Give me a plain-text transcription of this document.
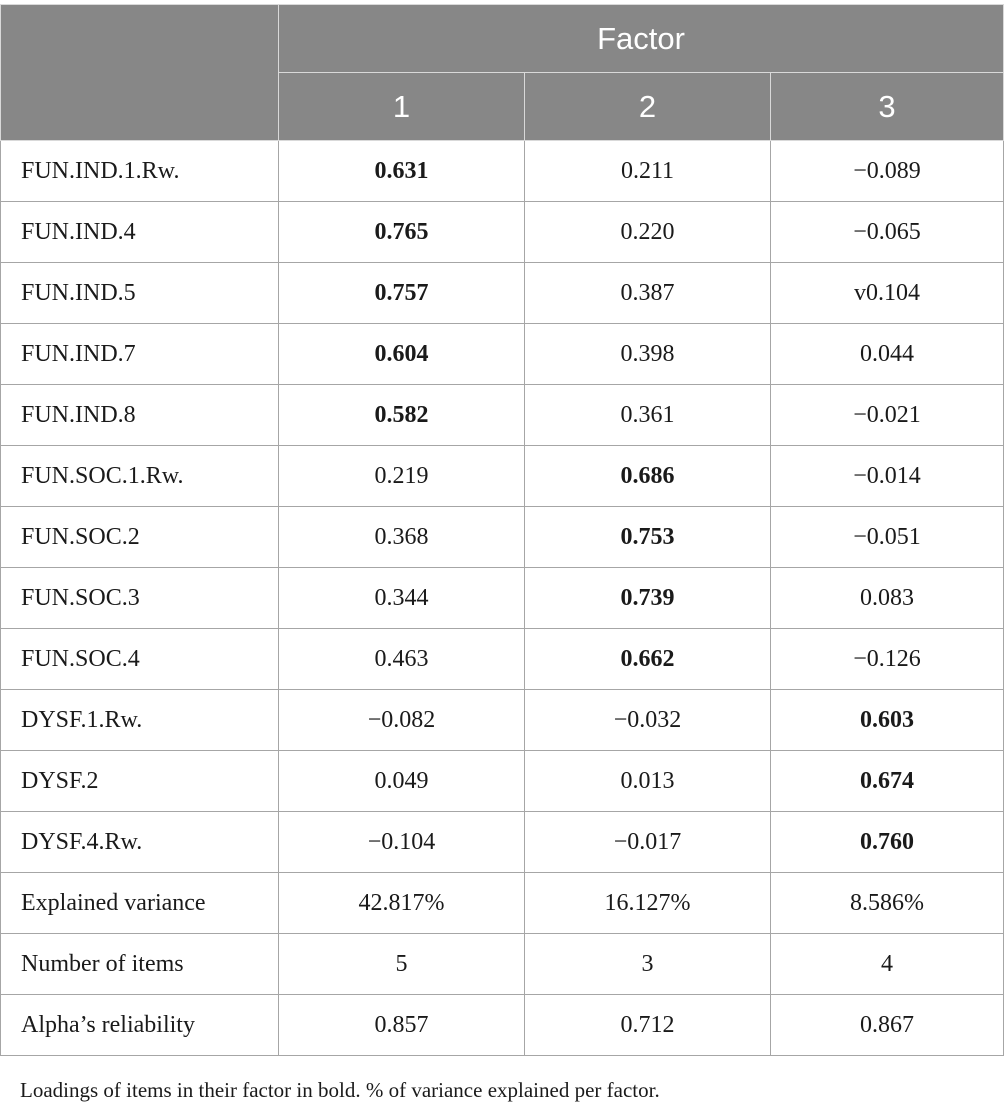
	Factor		
	1	2	3
FUN.IND.1.Rw.	0.631	0.211	−0.089
FUN.IND.4	0.765	0.220	−0.065
FUN.IND.5	0.757	0.387	v0.104
FUN.IND.7	0.604	0.398	0.044
FUN.IND.8	0.582	0.361	−0.021
FUN.SOC.1.Rw.	0.219	0.686	−0.014
FUN.SOC.2	0.368	0.753	−0.051
FUN.SOC.3	0.344	0.739	0.083
FUN.SOC.4	0.463	0.662	−0.126
DYSF.1.Rw.	−0.082	−0.032	0.603
DYSF.2	0.049	0.013	0.674
DYSF.4.Rw.	−0.104	−0.017	0.760
Explained variance	42.817%	16.127%	8.586%
Number of items	5	3	4
Alpha’s reliability	0.857	0.712	0.867
Loadings of items in their factor in bold. % of variance explained per factor.
